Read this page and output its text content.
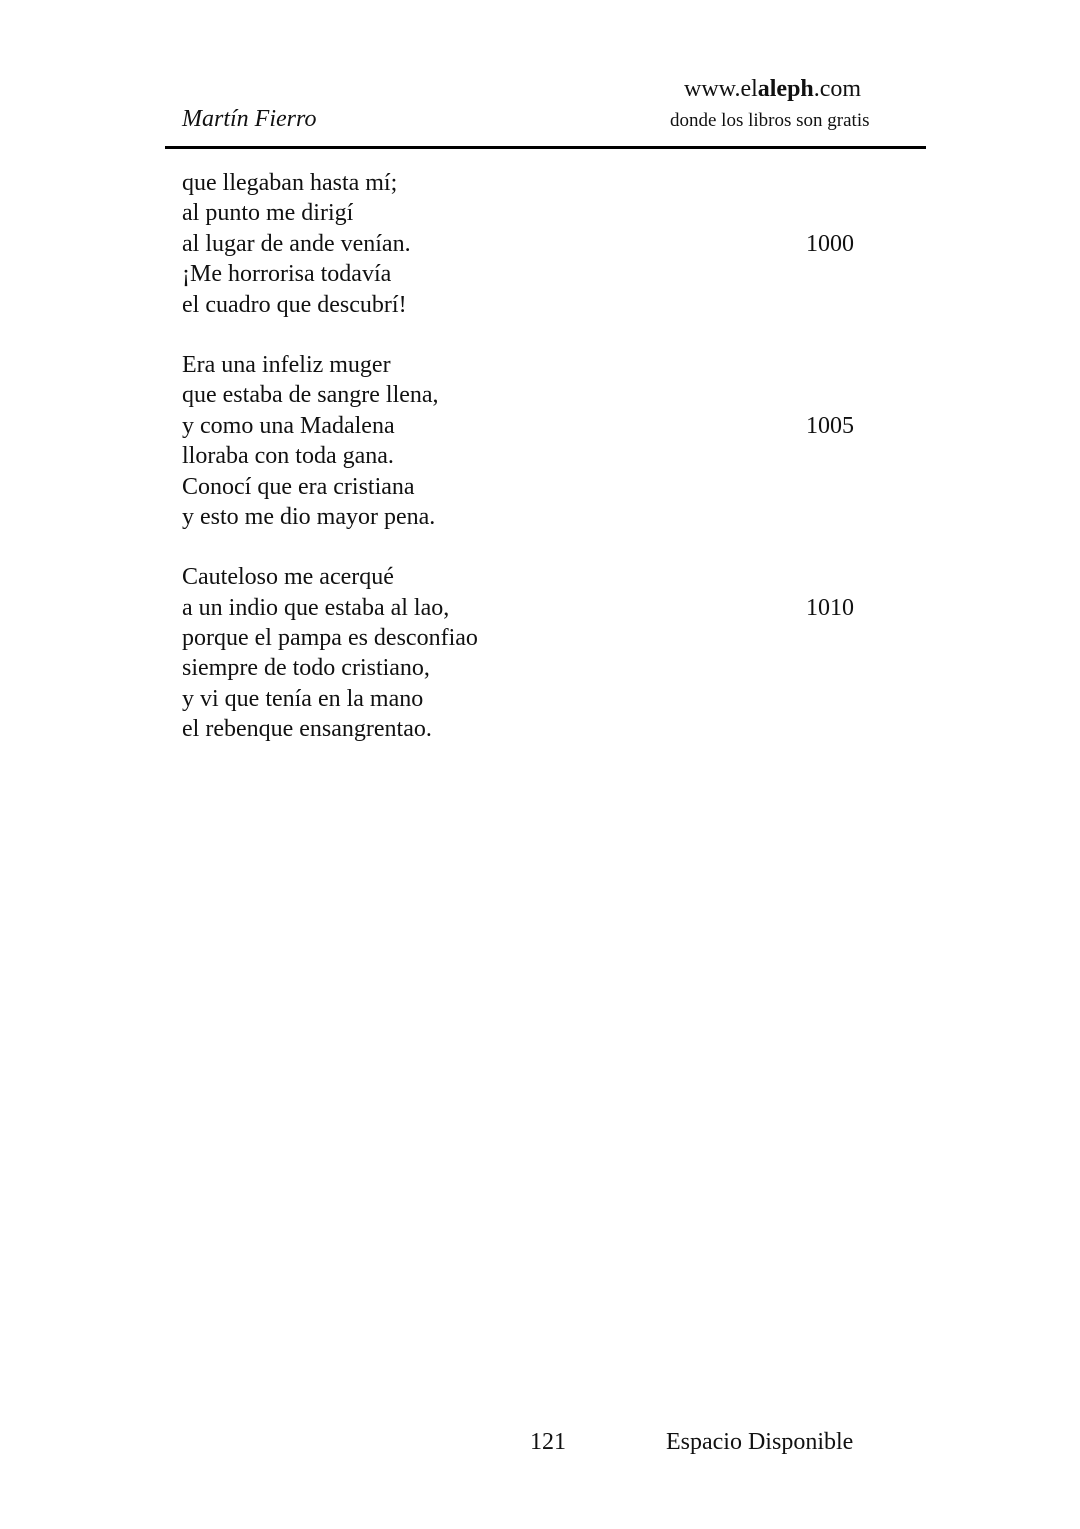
Martín Fierro
www.elaleph.com
donde los libros son gratis
que llegaban hasta mí;
al punto me dirigí
al lugar de ande venían.	1000
¡Me horrorisa todavía
el cuadro que descubrí!
Era una infeliz muger
que estaba de sangre llena,
y como una Madalena	1005
lloraba con toda gana.
Conocí que era cristiana
y esto me dio mayor pena.
Cauteloso me acerqué
a un indio que estaba al lao,	1010
porque el pampa es desconfiao
siempre de todo cristiano,
y vi que tenía en la mano
el rebenque ensangrentao.
121	Espacio Disponible
